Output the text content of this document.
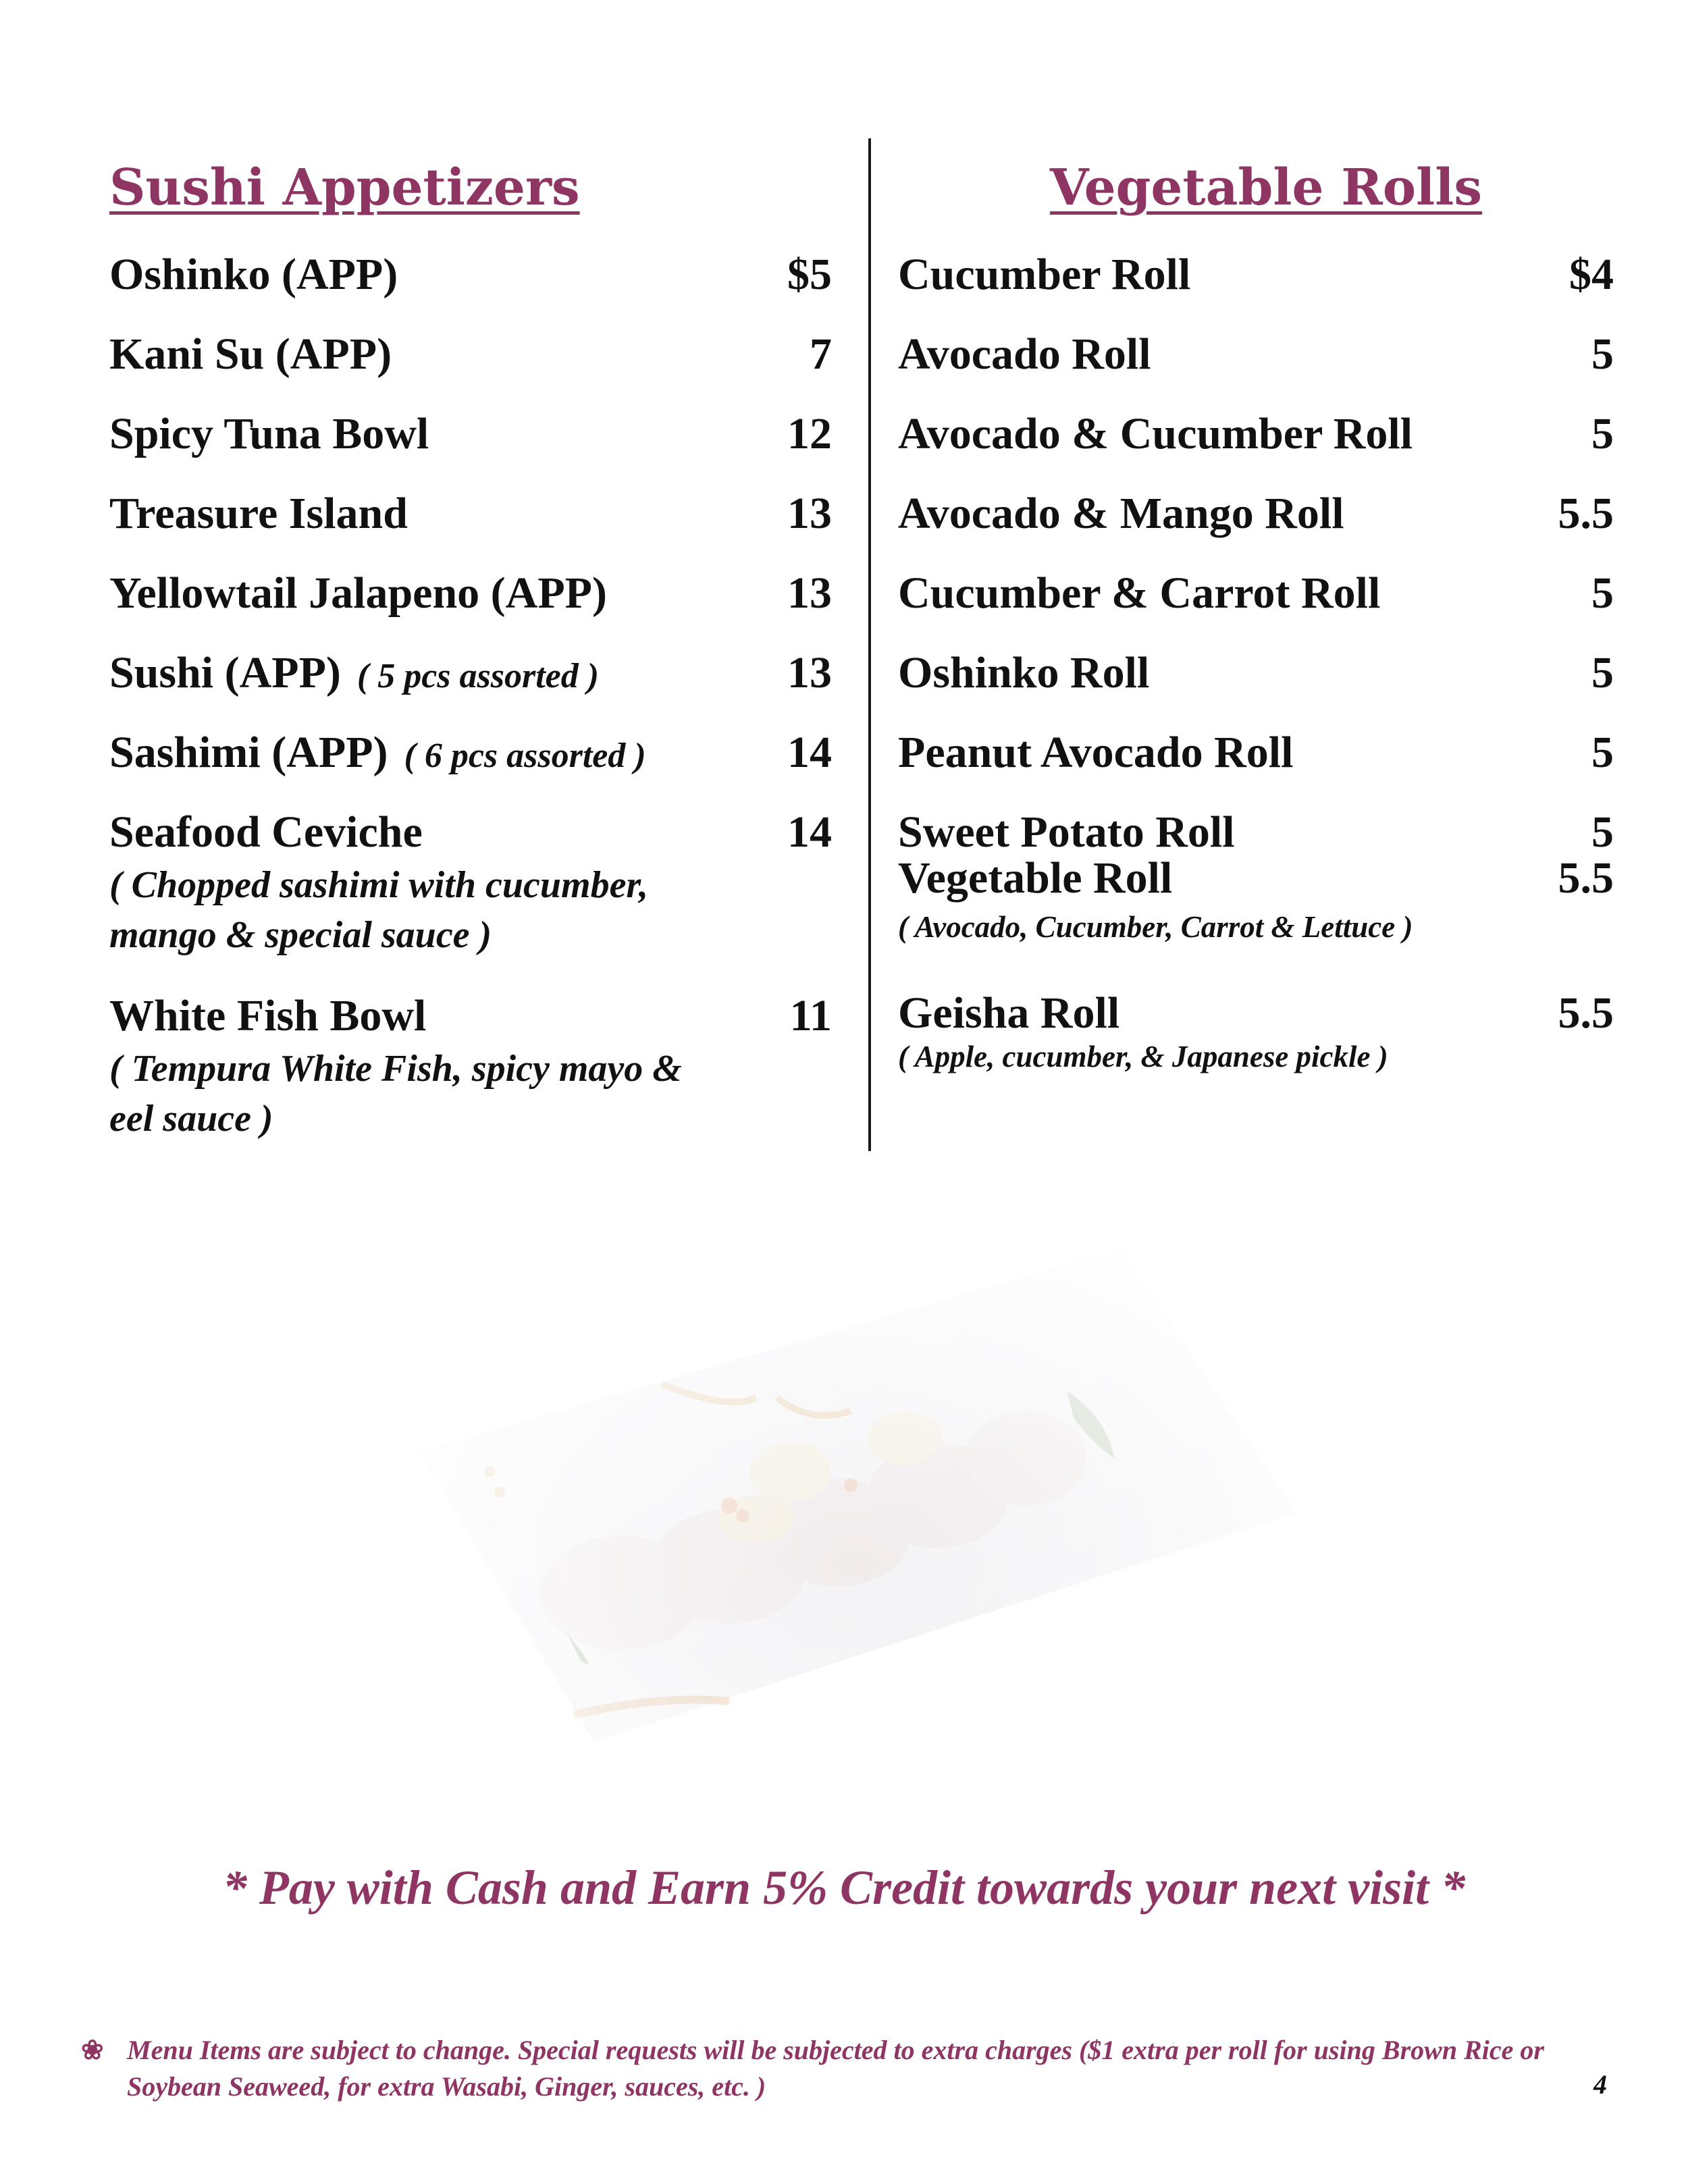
Sushi Appetizers
Oshinko (APP)	$5
Kani Su (APP)	7
Spicy Tuna Bowl	12
Treasure Island	13
Yellowtail Jalapeno (APP)	13
Sushi (APP) ( 5 pcs assorted )	13
Sashimi (APP) ( 6 pcs assorted )	14
Seafood Ceviche	14
( Chopped sashimi with cucumber,
mango & special sauce )
White Fish Bowl	11
( Tempura White Fish, spicy mayo &
eel sauce )
Vegetable Rolls
Cucumber Roll	$4
Avocado Roll	5
Avocado & Cucumber Roll	5
Avocado & Mango Roll	5.5
Cucumber & Carrot Roll	5
Oshinko Roll	5
Peanut Avocado Roll	5
Sweet Potato Roll	5
Vegetable Roll	5.5
( Avocado, Cucumber, Carrot & Lettuce )
Geisha Roll	5.5
( Apple, cucumber, & Japanese pickle )
* Pay with Cash and Earn 5% Credit towards your next visit *
❀ Menu Items are subject to change. Special requests will be subjected to extra charges ($1 extra per roll for using Brown Rice or Soybean Seaweed, for extra Wasabi, Ginger, sauces, etc. )	4
